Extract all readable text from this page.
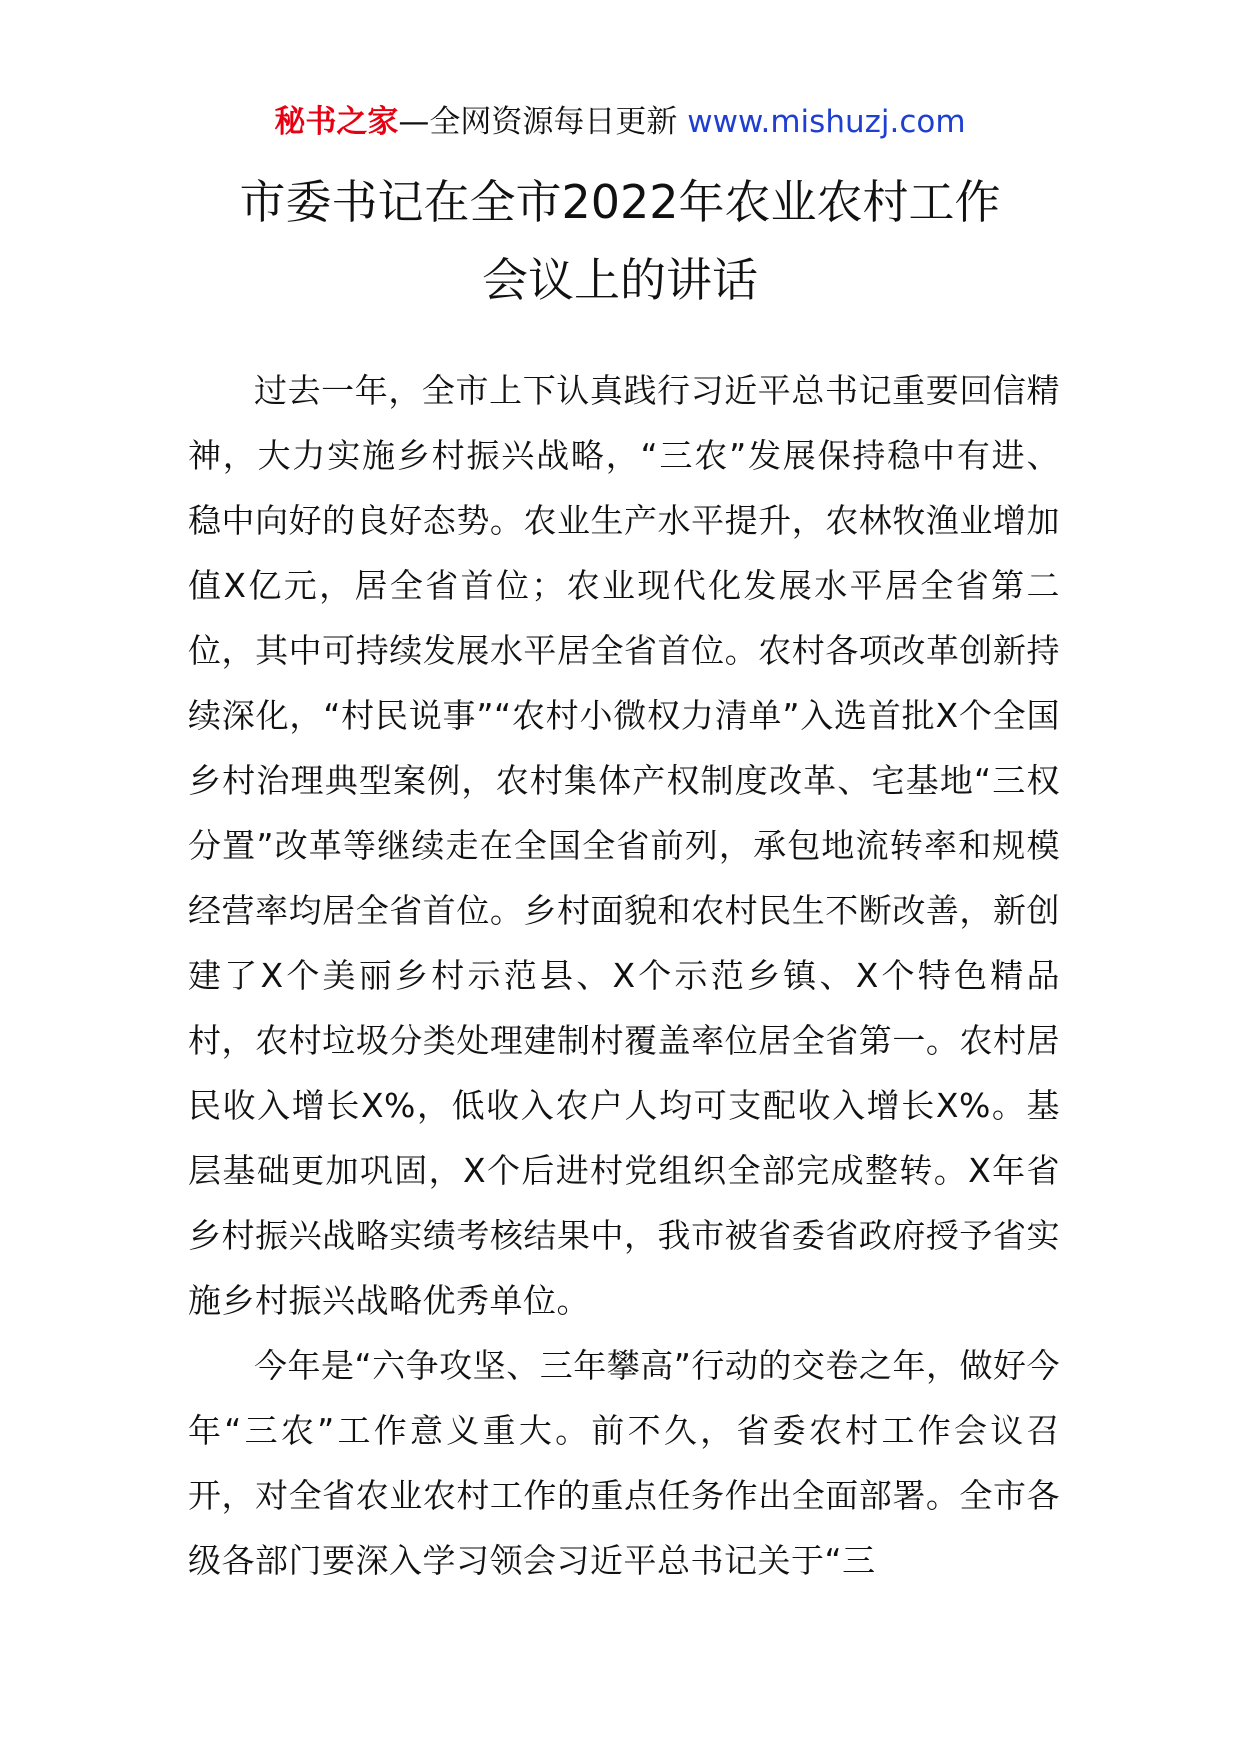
秘书之家—全网资源每日更新 www.mishuzj.com
市委书记在全市2022年农业农村工作
会议上的讲话

过去一年，全市上下认真践行习近平总书记重要回信精神，大力实施乡村振兴战略，“三农”发展保持稳中有进、稳中向好的良好态势。农业生产水平提升，农林牧渔业增加值X亿元，居全省首位；农业现代化发展水平居全省第二位，其中可持续发展水平居全省首位。农村各项改革创新持续深化，“村民说事”“农村小微权力清单”入选首批X个全国乡村治理典型案例，农村集体产权制度改革、宅基地“三权分置”改革等继续走在全国全省前列，承包地流转率和规模经营率均居全省首位。乡村面貌和农村民生不断改善，新创建了X个美丽乡村示范县、X个示范乡镇、X个特色精品村，农村垃圾分类处理建制村覆盖率位居全省第一。农村居民收入增长X%，低收入农户人均可支配收入增长X%。基层基础更加巩固，X个后进村党组织全部完成整转。X年省乡村振兴战略实绩考核结果中，我市被省委省政府授予省实施乡村振兴战略优秀单位。

今年是“六争攻坚、三年攀高”行动的交卷之年，做好今年“三农”工作意义重大。前不久，省委农村工作会议召开，对全省农业农村工作的重点任务作出全面部署。全市各级各部门要深入学习领会习近平总书记关于“三
